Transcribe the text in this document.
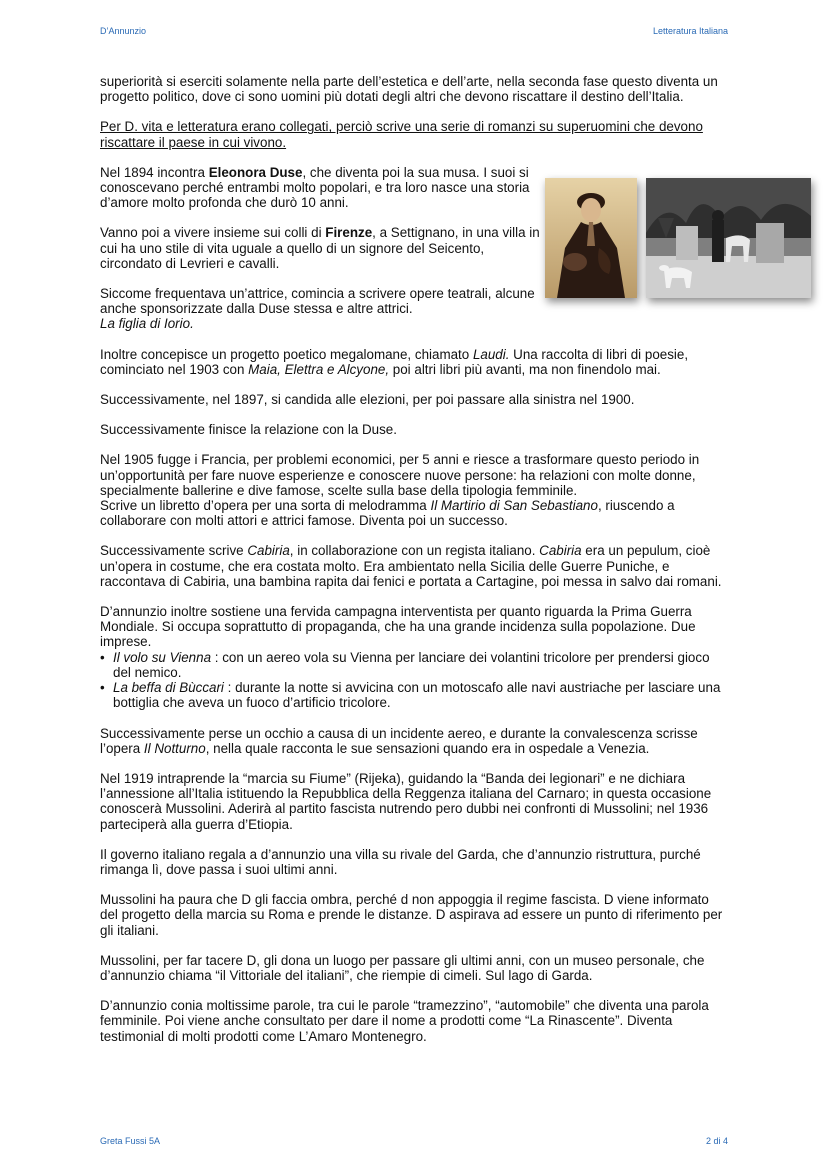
D’Annunzio	Letteratura Italiana

superiorità si eserciti solamente nella parte dell’estetica e dell’arte, nella seconda fase questo diventa un progetto politico, dove ci sono uomini più dotati degli altri che devono riscattare il destino dell’Italia.

Per D. vita e letteratura erano collegati, perciò scrive una serie di romanzi su superuomini che devono riscattare il paese in cui vivono.

Nel 1894 incontra Eleonora Duse, che diventa poi la sua musa. I suoi si conoscevano perché entrambi molto popolari, e tra loro nasce una storia d’amore molto profonda che durò 10 anni.

Vanno poi a vivere insieme sui colli di Firenze, a Settignano, in una villa in cui ha uno stile di vita uguale a quello di un signore del Seicento, circondato di Levrieri e cavalli.

Siccome frequentava un’attrice, comincia a scrivere opere teatrali, alcune anche sponsorizzate dalla Duse stessa e altre attrici.
La figlia di Iorio.

Inoltre concepisce un progetto poetico megalomane, chiamato Laudi. Una raccolta di libri di poesie, cominciato nel 1903 con Maia, Elettra e Alcyone, poi altri libri più avanti, ma non finendolo mai.

Successivamente, nel 1897, si candida alle elezioni, per poi passare alla sinistra nel 1900.

Successivamente finisce la relazione con la Duse.

Nel 1905 fugge i Francia, per problemi economici, per 5 anni e riesce a trasformare questo periodo in un’opportunità per fare nuove esperienze e conoscere nuove persone: ha relazioni con molte donne, specialmente ballerine e dive famose, scelte sulla base della tipologia femminile.
Scrive un libretto d’opera per una sorta di melodramma Il Martirio di San Sebastiano, riuscendo a collaborare con molti attori e attrici famose. Diventa poi un successo.

Successivamente scrive Cabiria, in collaborazione con un regista italiano. Cabiria era un pepulum, cioè un’opera in costume, che era costata molto. Era ambientato nella Sicilia delle Guerre Puniche, e raccontava di Cabiria, una bambina rapita dai fenici e portata a Cartagine, poi messa in salvo dai romani.

D’annunzio inoltre sostiene una fervida campagna interventista per quanto riguarda la Prima Guerra Mondiale. Si occupa soprattutto di propaganda, che ha una grande incidenza sulla popolazione. Due imprese.

• Il volo su Vienna : con un aereo vola su Vienna per lanciare dei volantini tricolore per prendersi gioco del nemico.
• La beffa di Bùccari : durante la notte si avvicina con un motoscafo alle navi austriache per lasciare una bottiglia che aveva un fuoco d’artificio tricolore.

Successivamente perse un occhio a causa di un incidente aereo, e durante la convalescenza scrisse l’opera Il Notturno, nella quale racconta le sue sensazioni quando era in ospedale a Venezia.

Nel 1919 intraprende la “marcia su Fiume” (Rijeka), guidando la “Banda dei legionari” e ne dichiara l’annessione all’Italia istituendo la Repubblica della Reggenza italiana del Carnaro; in questa occasione conoscerà Mussolini. Aderirà al partito fascista nutrendo pero dubbi nei confronti di Mussolini; nel 1936 parteciperà alla guerra d’Etiopia.

Il governo italiano regala a d’annunzio una villa su rivale del Garda, che d’annunzio ristruttura, purché rimanga lì, dove passa i suoi ultimi anni.

Mussolini ha paura che D gli faccia ombra, perché d non appoggia il regime fascista. D viene informato del progetto della marcia su Roma e prende le distanze. D aspirava ad essere un punto di riferimento per gli italiani.

Mussolini, per far tacere D, gli dona un luogo per passare gli ultimi anni, con un museo personale, che d’annunzio chiama “il Vittoriale del italiani”, che riempie di cimeli. Sul lago di Garda.

D’annunzio conia moltissime parole, tra cui le parole “tramezzino”, “automobile” che diventa una parola femminile. Poi viene anche consultato per dare il nome a prodotti come “La Rinascente”. Diventa testimonial di molti prodotti come L’Amaro Montenegro.

Greta Fussi 5A	2 di 4
